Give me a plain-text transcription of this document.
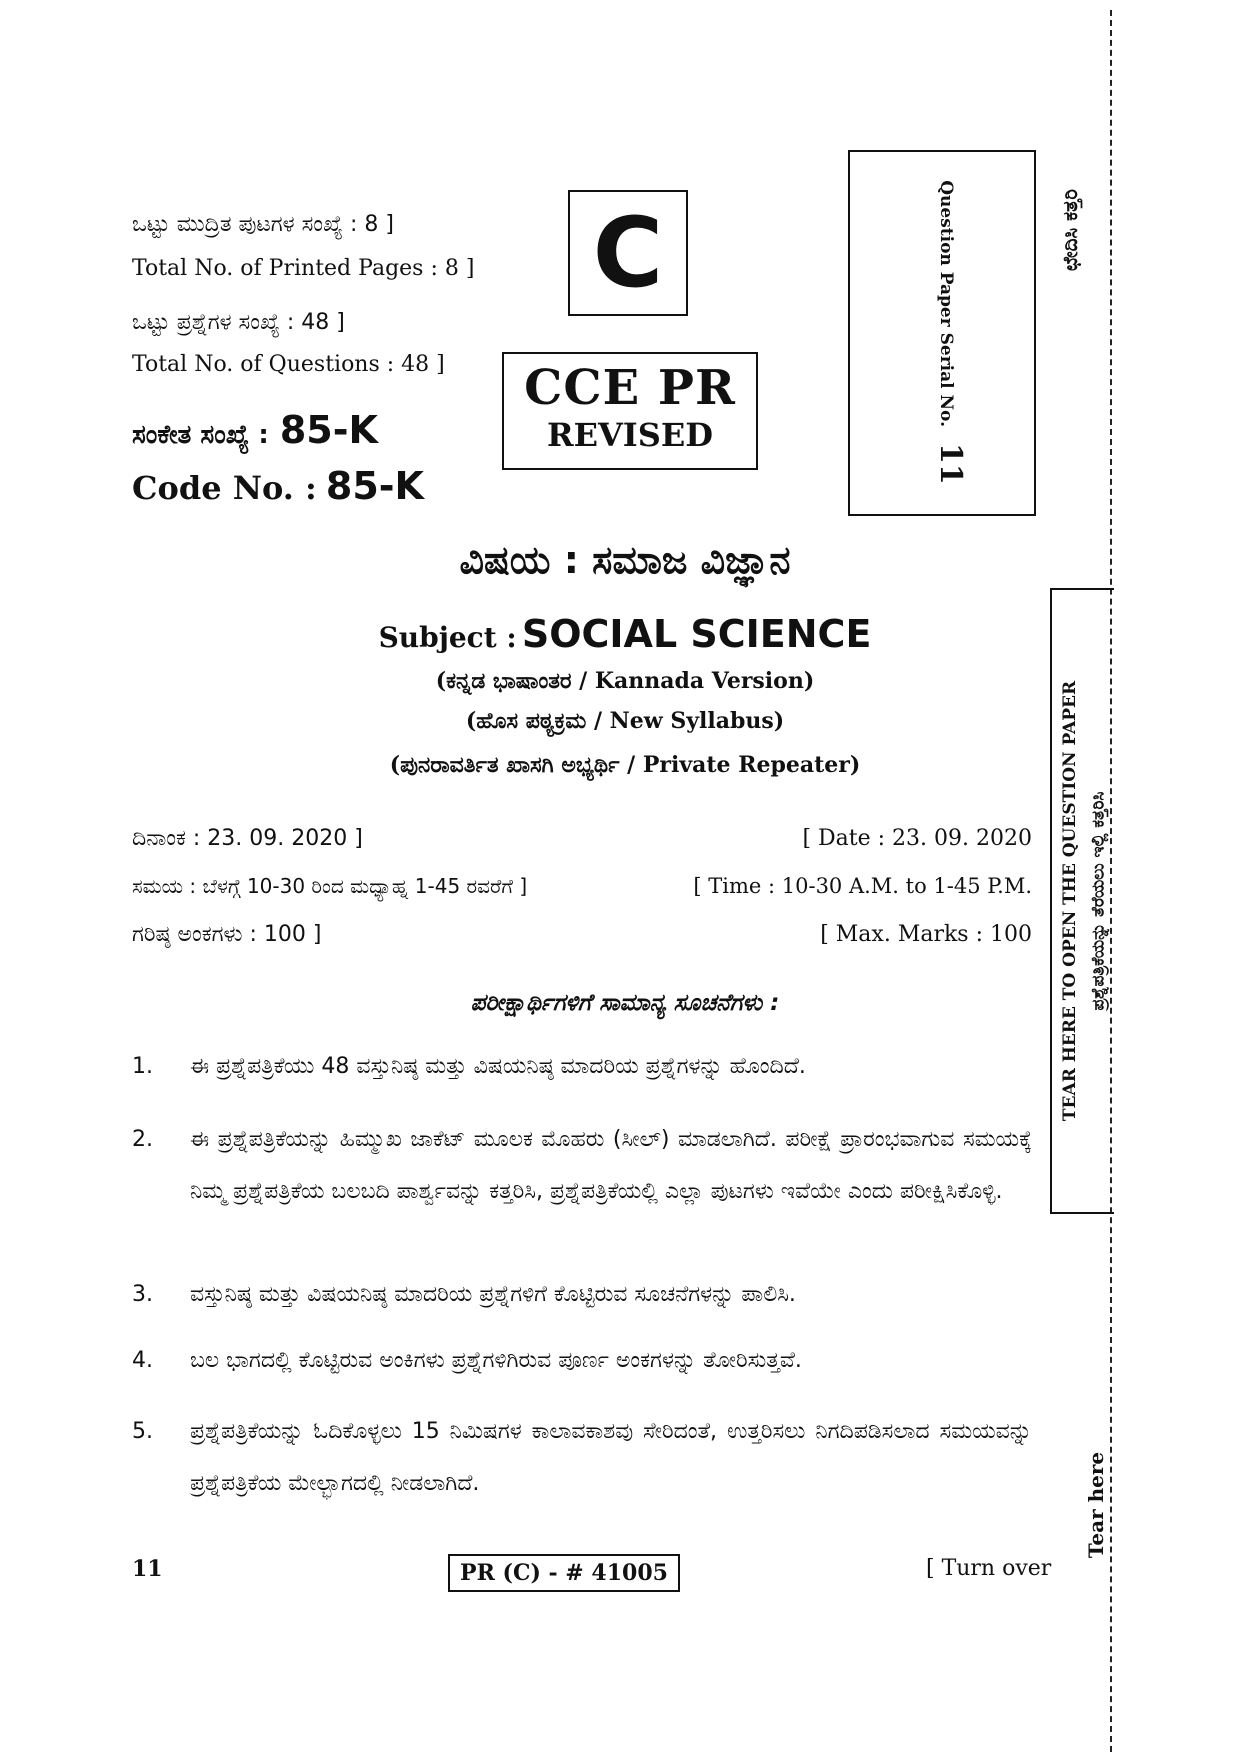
ಒಟ್ಟು ಮುದ್ರಿತ ಪುಟಗಳ ಸಂಖ್ಯೆ : 8 ]
Total No. of Printed Pages : 8 ]
ಒಟ್ಟು ಪ್ರಶ್ನೆಗಳ ಸಂಖ್ಯೆ : 48 ]
Total No. of Questions : 48 ]
ಸಂಕೇತ ಸಂಖ್ಯೆ : 85-K
Code No. : 85-K
C
CCE PR
REVISED
Question Paper Serial No.
11
ಛೇದಿಸಿ ಕತ್ತರಿ
TEAR HERE TO OPEN THE QUESTION PAPER ಪ್ರಶ್ನೆಪತ್ರಿಕೆಯನ್ನು ತೆರೆಯಲು ಇಲ್ಲಿ ಕತ್ತರಿಸಿ
Tear here
ವಿಷಯ : ಸಮಾಜ ವಿಜ್ಞಾನ
Subject : SOCIAL SCIENCE
(ಕನ್ನಡ ಭಾಷಾಂತರ / Kannada Version)
(ಹೊಸ ಪಠ್ಯಕ್ರಮ / New Syllabus)
(ಪುನರಾವರ್ತಿತ ಖಾಸಗಿ ಅಭ್ಯರ್ಥಿ / Private Repeater)
ದಿನಾಂಕ : 23. 09. 2020 ]	[ Date : 23. 09. 2020
ಸಮಯ : ಬೆಳಗ್ಗೆ 10-30 ರಿಂದ ಮಧ್ಯಾಹ್ನ 1-45 ರವರೆಗೆ ]	[ Time : 10-30 A.M. to 1-45 P.M.
ಗರಿಷ್ಠ ಅಂಕಗಳು : 100 ]	[ Max. Marks : 100
ಪರೀಕ್ಷಾರ್ಥಿಗಳಿಗೆ ಸಾಮಾನ್ಯ ಸೂಚನೆಗಳು :
1.	ಈ ಪ್ರಶ್ನೆಪತ್ರಿಕೆಯು 48 ವಸ್ತುನಿಷ್ಠ ಮತ್ತು ವಿಷಯನಿಷ್ಠ ಮಾದರಿಯ ಪ್ರಶ್ನೆಗಳನ್ನು ಹೊಂದಿದೆ.
2.	ಈ ಪ್ರಶ್ನೆಪತ್ರಿಕೆಯನ್ನು ಹಿಮ್ಮುಖ ಜಾಕೆಟ್ ಮೂಲಕ ಮೊಹರು (ಸೀಲ್) ಮಾಡಲಾಗಿದೆ. ಪರೀಕ್ಷೆ ಪ್ರಾರಂಭವಾಗುವ ಸಮಯಕ್ಕೆ ನಿಮ್ಮ ಪ್ರಶ್ನೆಪತ್ರಿಕೆಯ ಬಲಬದಿ ಪಾರ್ಶ್ವವನ್ನು ಕತ್ತರಿಸಿ, ಪ್ರಶ್ನೆಪತ್ರಿಕೆಯಲ್ಲಿ ಎಲ್ಲಾ ಪುಟಗಳು ಇವೆಯೇ ಎಂದು ಪರೀಕ್ಷಿಸಿಕೊಳ್ಳಿ.
3.	ವಸ್ತುನಿಷ್ಠ ಮತ್ತು ವಿಷಯನಿಷ್ಠ ಮಾದರಿಯ ಪ್ರಶ್ನೆಗಳಿಗೆ ಕೊಟ್ಟಿರುವ ಸೂಚನೆಗಳನ್ನು ಪಾಲಿಸಿ.
4.	ಬಲ ಭಾಗದಲ್ಲಿ ಕೊಟ್ಟಿರುವ ಅಂಕಿಗಳು ಪ್ರಶ್ನೆಗಳಿಗಿರುವ ಪೂರ್ಣ ಅಂಕಗಳನ್ನು ತೋರಿಸುತ್ತವೆ.
5.	ಪ್ರಶ್ನೆಪತ್ರಿಕೆಯನ್ನು ಓದಿಕೊಳ್ಳಲು 15 ನಿಮಿಷಗಳ ಕಾಲಾವಕಾಶವು ಸೇರಿದಂತೆ, ಉತ್ತರಿಸಲು ನಿಗದಿಪಡಿಸಲಾದ ಸಮಯವನ್ನು ಪ್ರಶ್ನೆಪತ್ರಿಕೆಯ ಮೇಲ್ಭಾಗದಲ್ಲಿ ನೀಡಲಾಗಿದೆ.
11	PR (C) - # 41005	[ Turn over
